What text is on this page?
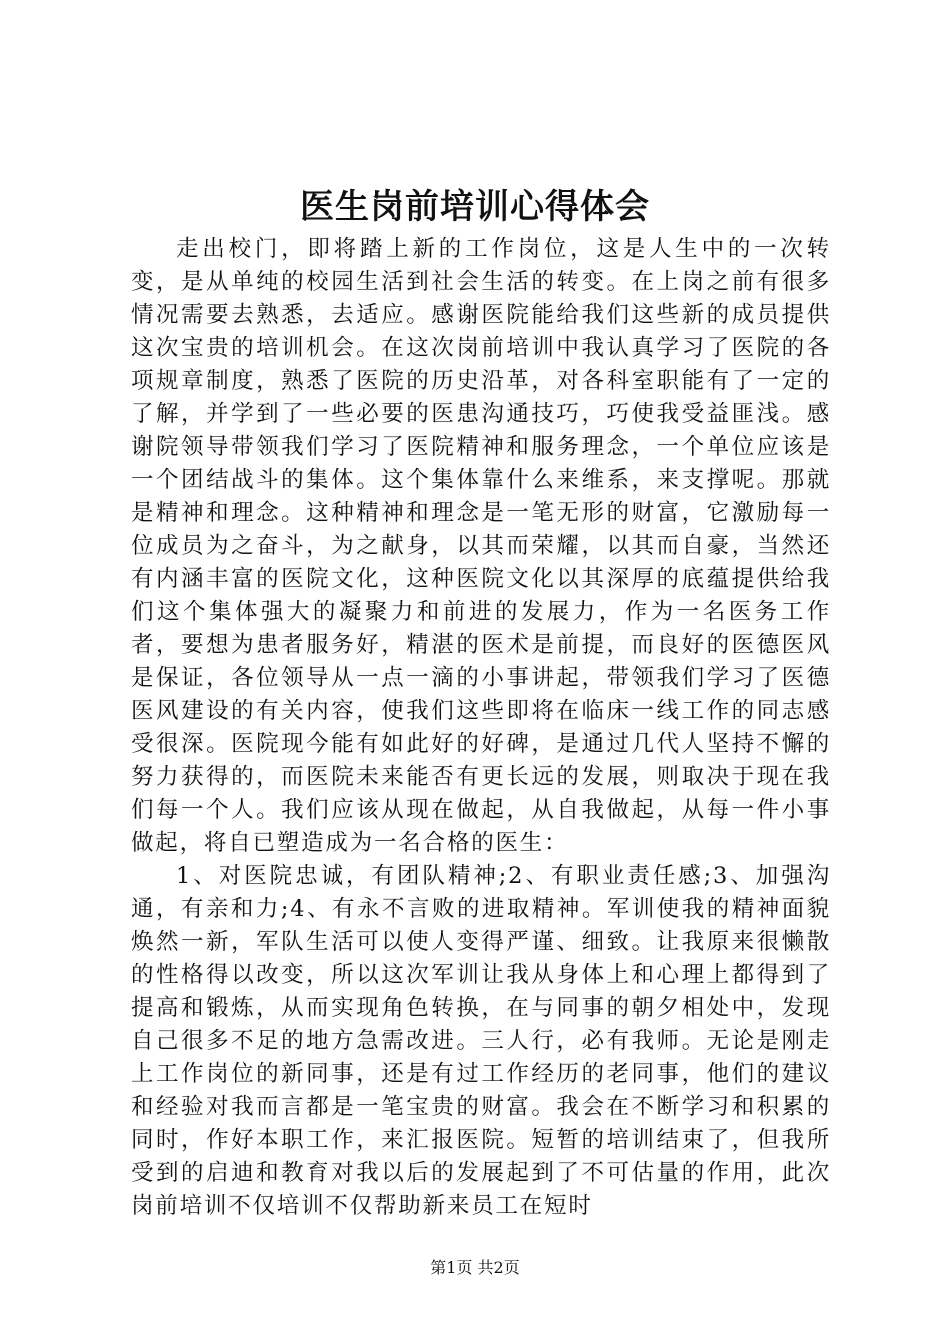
医生岗前培训心得体会

走出校门，即将踏上新的工作岗位，这是人生中的一次转变，是从单纯的校园生活到社会生活的转变。在上岗之前有很多情况需要去熟悉，去适应。感谢医院能给我们这些新的成员提供这次宝贵的培训机会。在这次岗前培训中我认真学习了医院的各项规章制度，熟悉了医院的历史沿革，对各科室职能有了一定的了解，并学到了一些必要的医患沟通技巧，巧使我受益匪浅。感谢院领导带领我们学习了医院精神和服务理念，一个单位应该是一个团结战斗的集体。这个集体靠什么来维系，来支撑呢。那就是精神和理念。这种精神和理念是一笔无形的财富，它激励每一位成员为之奋斗，为之献身，以其而荣耀，以其而自豪，当然还有内涵丰富的医院文化，这种医院文化以其深厚的底蕴提供给我们这个集体强大的凝聚力和前进的发展力，作为一名医务工作者，要想为患者服务好，精湛的医术是前提，而良好的医德医风是保证，各位领导从一点一滴的小事讲起，带领我们学习了医德医风建设的有关内容，使我们这些即将在临床一线工作的同志感受很深。医院现今能有如此好的好碑，是通过几代人坚持不懈的努力获得的，而医院未来能否有更长远的发展，则取决于现在我们每一个人。我们应该从现在做起，从自我做起，从每一件小事做起，将自已塑造成为一名合格的医生：

1、对医院忠诚，有团队精神;2、有职业责任感;3、加强沟通，有亲和力;4、有永不言败的进取精神。军训使我的精神面貌焕然一新，军队生活可以使人变得严谨、细致。让我原来很懒散的性格得以改变，所以这次军训让我从身体上和心理上都得到了提高和锻炼，从而实现角色转换，在与同事的朝夕相处中，发现自己很多不足的地方急需改进。三人行，必有我师。无论是刚走上工作岗位的新同事，还是有过工作经历的老同事，他们的建议和经验对我而言都是一笔宝贵的财富。我会在不断学习和积累的同时，作好本职工作，来汇报医院。短暂的培训结束了，但我所受到的启迪和教育对我以后的发展起到了不可估量的作用，此次岗前培训不仅培训不仅帮助新来员工在短时

第1页 共2页
